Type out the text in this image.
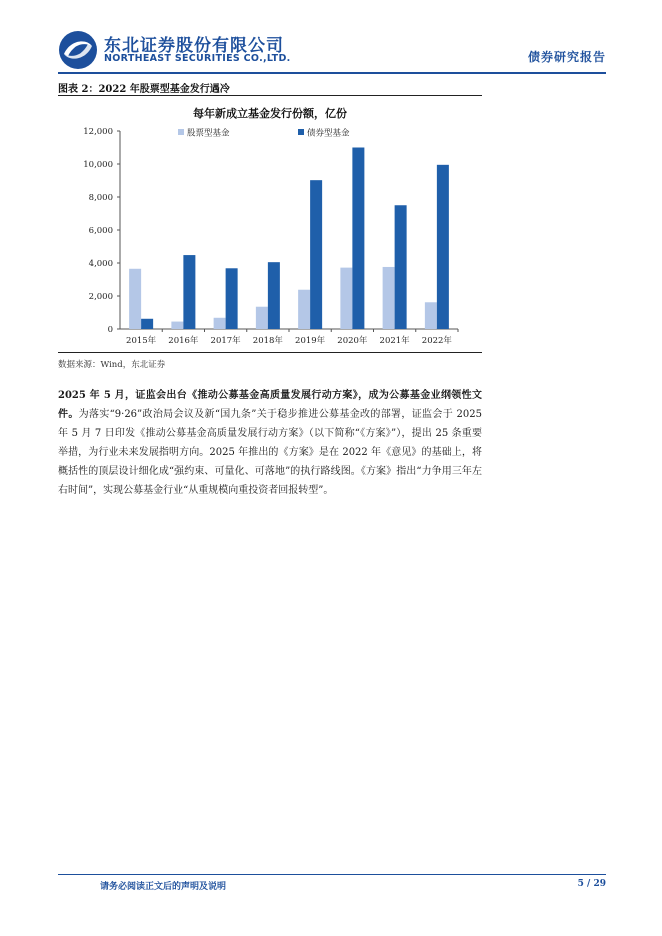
东北证券股份有限公司
NORTHEAST SECURITIES CO.,LTD.	债券研究报告
图表 2：2022 年股票型基金发行遇冷
每年新成立基金发行份额，亿份
股票型基金	债券型基金
0
2,000
4,000
6,000
8,000
10,000
12,000
2015年 2016年 2017年 2018年 2019年 2020年 2021年 2022年
数据来源：Wind，东北证券
2025 年 5 月，证监会出台《推动公募基金高质量发展行动方案》，成为公募基金业纲领性文件。为落实“9·26”政治局会议及新“国九条”关于稳步推进公募基金改的部署，证监会于 2025 年 5 月 7 日印发《推动公募基金高质量发展行动方案》（以下简称“《方案》”），提出 25 条重要举措，为行业未来发展指明方向。2025 年推出的《方案》是在 2022 年《意见》的基础上，将概括性的顶层设计细化成“强约束、可量化、可落地”的执行路线图。《方案》指出“力争用三年左右时间”，实现公募基金行业“从重规模向重投资者回报转型”。
请务必阅读正文后的声明及说明	5 / 29
